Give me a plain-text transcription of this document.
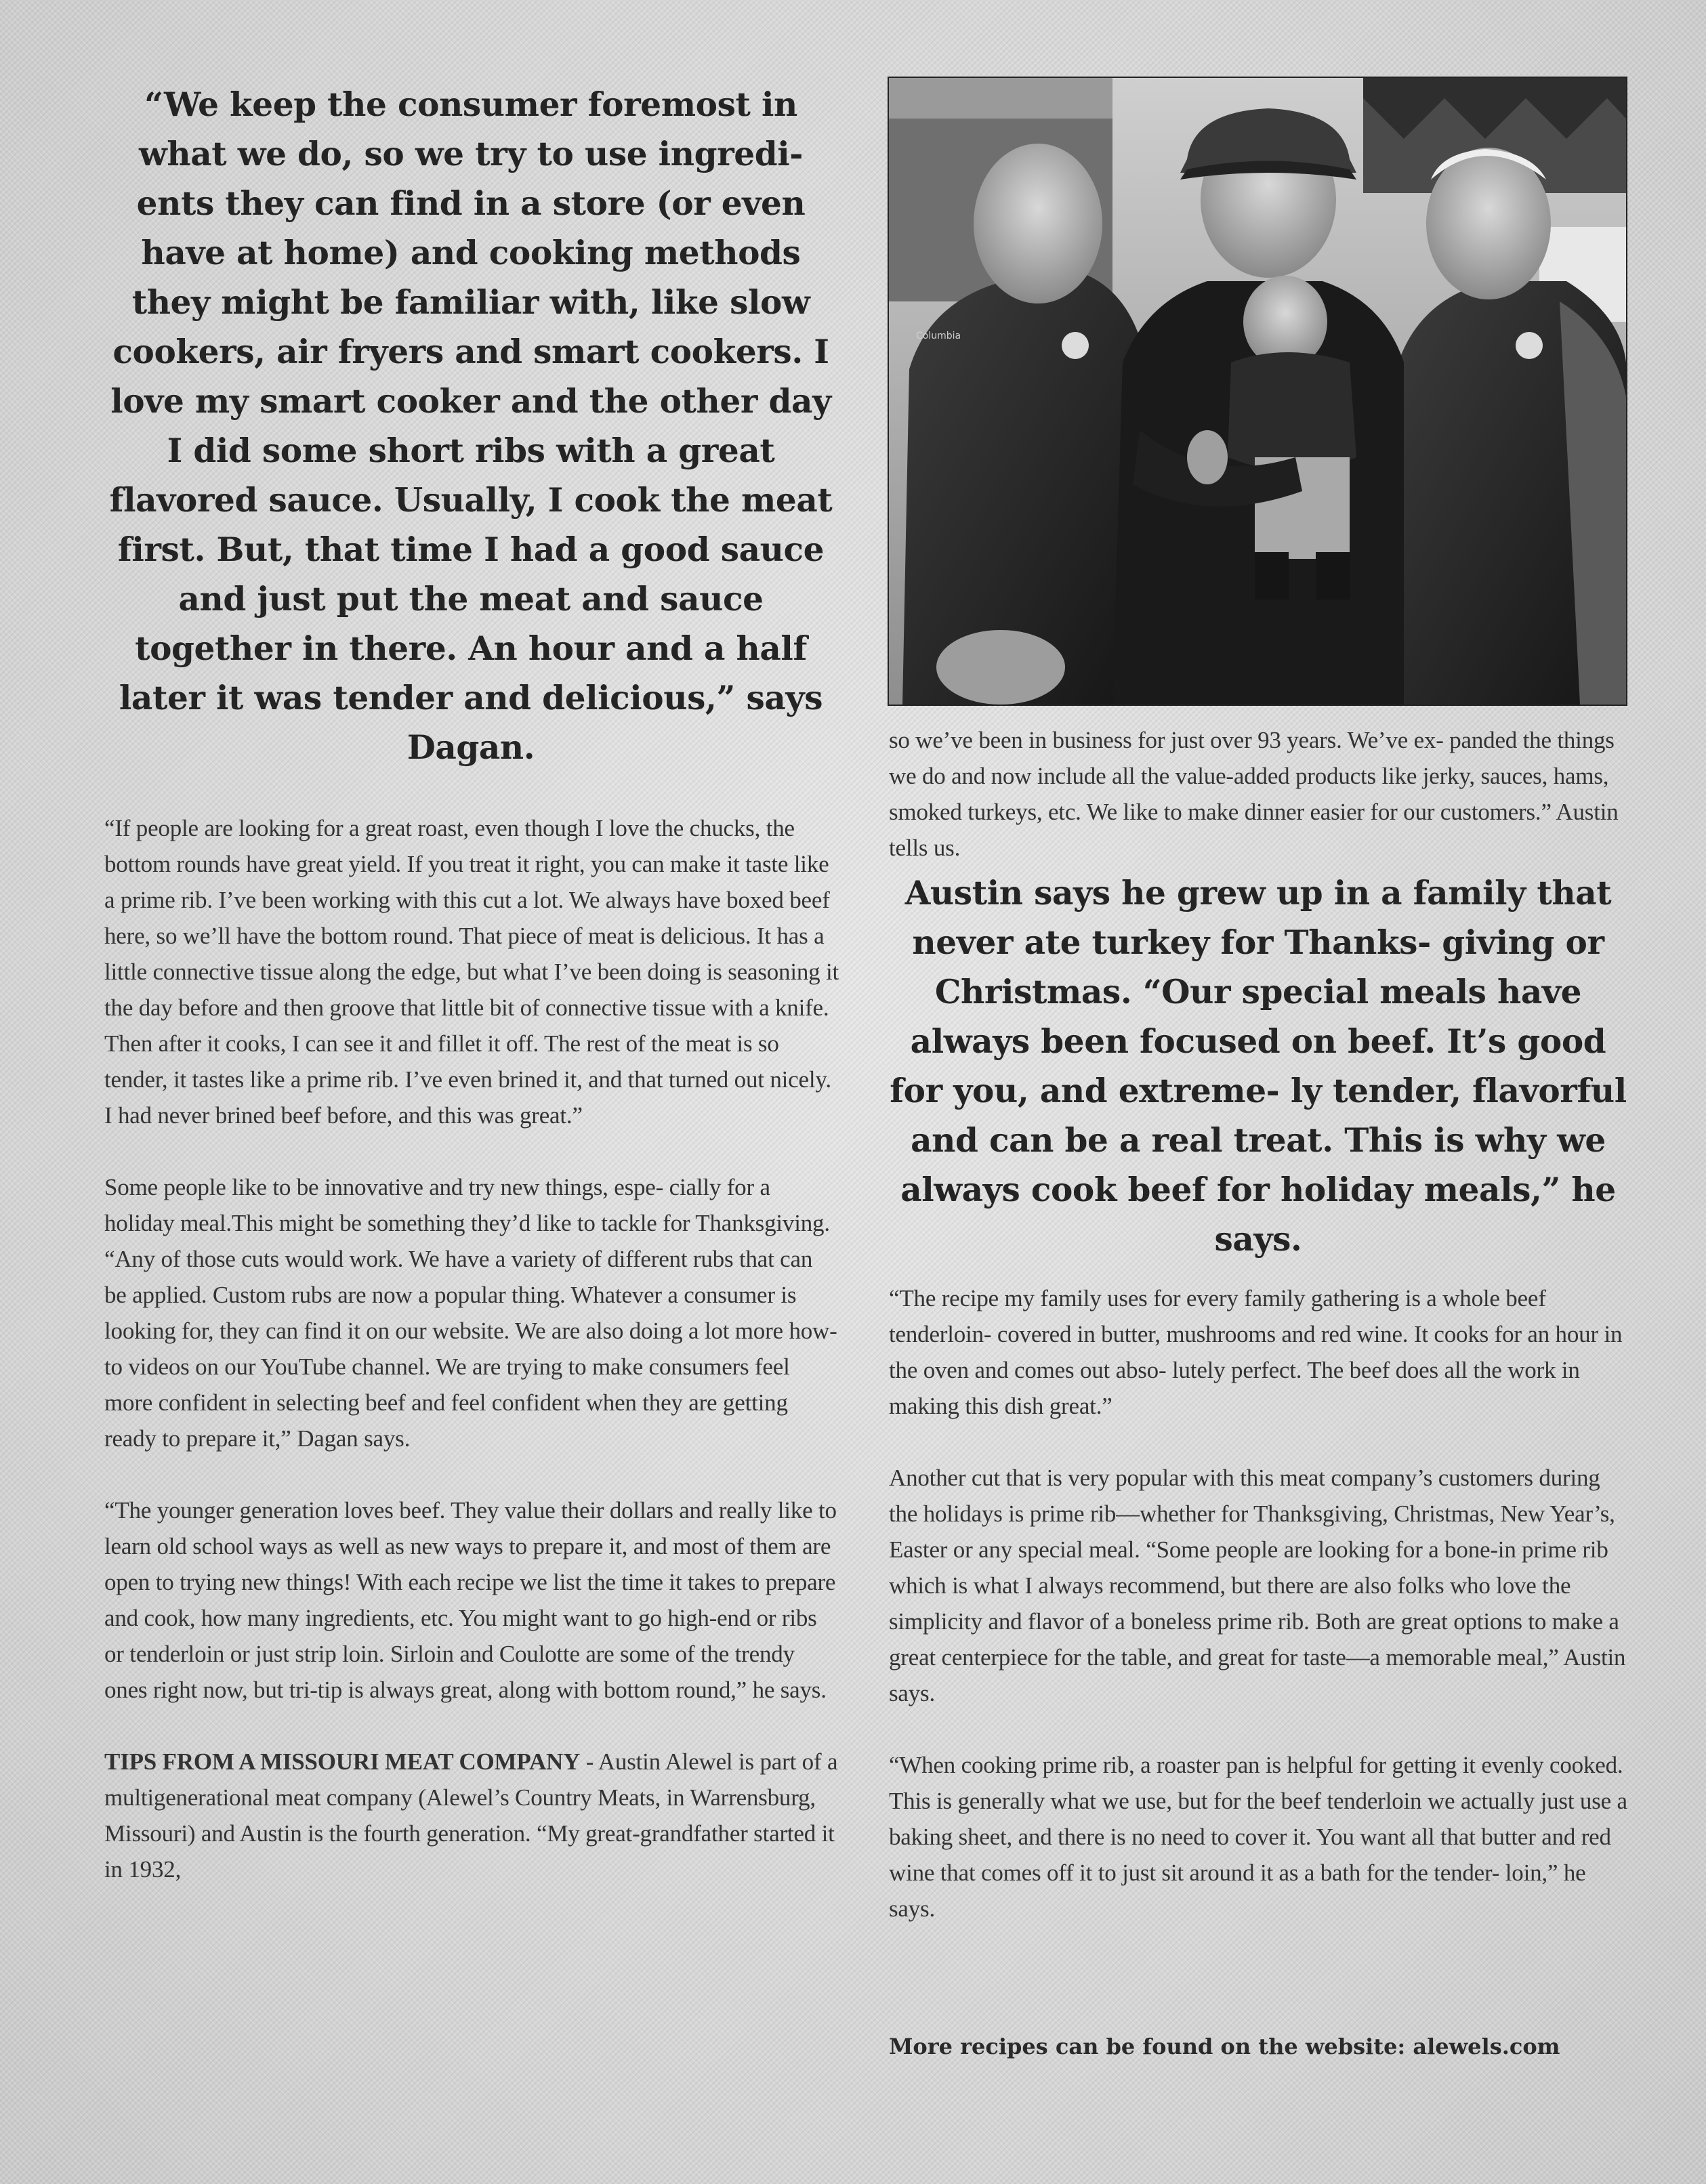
“We keep the consumer foremost in what we do, so we try to use ingredi- ents they can find in a store (or even have at home) and cooking methods they might be familiar with, like slow cookers, air fryers and smart cookers. I love my smart cooker and the other day I did some short ribs with a great flavored sauce. Usually, I cook the meat first. But, that time I had a good sauce and just put the meat and sauce together in there. An hour and a half later it was tender and delicious,” says Dagan.

“If people are looking for a great roast, even though I love the chucks, the bottom rounds have great yield. If you treat it right, you can make it taste like a prime rib. I’ve been working with this cut a lot. We always have boxed beef here, so we’ll have the bottom round. That piece of meat is delicious. It has a little connective tissue along the edge, but what I’ve been doing is seasoning it the day before and then groove that little bit of connective tissue with a knife. Then after it cooks, I can see it and fillet it off. The rest of the meat is so tender, it tastes like a prime rib. I’ve even brined it, and that turned out nicely. I had never brined beef before, and this was great.”

Some people like to be innovative and try new things, espe- cially for a holiday meal.This might be something they’d like to tackle for Thanksgiving. “Any of those cuts would work. We have a variety of different rubs that can be applied. Custom rubs are now a popular thing. Whatever a consumer is looking for, they can find it on our website. We are also doing a lot more how-to videos on our YouTube channel. We are trying to make consumers feel more confident in selecting beef and feel confident when they are getting ready to prepare it,” Dagan says.

“The younger generation loves beef. They value their dollars and really like to learn old school ways as well as new ways to prepare it, and most of them are open to trying new things! With each recipe we list the time it takes to prepare and cook, how many ingredients, etc. You might want to go high-end or ribs or tenderloin or just strip loin. Sirloin and Coulotte are some of the trendy ones right now, but tri-tip is always great, along with bottom round,” he says.

TIPS FROM A MISSOURI MEAT COMPANY - Austin Alewel is part of a multigenerational meat company (Alewel’s Country Meats, in Warrensburg, Missouri) and Austin is the fourth generation. “My great-grandfather started it in 1932,

Columbia

so we’ve been in business for just over 93 years. We’ve ex- panded the things we do and now include all the value-added products like jerky, sauces, hams, smoked turkeys, etc. We like to make dinner easier for our customers.” Austin tells us.

Austin says he grew up in a family that never ate turkey for Thanks- giving or Christmas. “Our special meals have always been focused on beef. It’s good for you, and extreme- ly tender, flavorful and can be a real treat. This is why we always cook beef for holiday meals,” he says.

“The recipe my family uses for every family gathering is a whole beef tenderloin- covered in butter, mushrooms and red wine. It cooks for an hour in the oven and comes out abso- lutely perfect. The beef does all the work in making this dish great.”

Another cut that is very popular with this meat company’s customers during the holidays is prime rib—whether for Thanksgiving, Christmas, New Year’s, Easter or any special meal. “Some people are looking for a bone-in prime rib which is what I always recommend, but there are also folks who love the simplicity and flavor of a boneless prime rib. Both are great options to make a great centerpiece for the table, and great for taste—a memorable meal,” Austin says.

“When cooking prime rib, a roaster pan is helpful for getting it evenly cooked. This is generally what we use, but for the beef tenderloin we actually just use a baking sheet, and there is no need to cover it. You want all that butter and red wine that comes off it to just sit around it as a bath for the tender- loin,” he says.

More recipes can be found on the website: alewels.com
